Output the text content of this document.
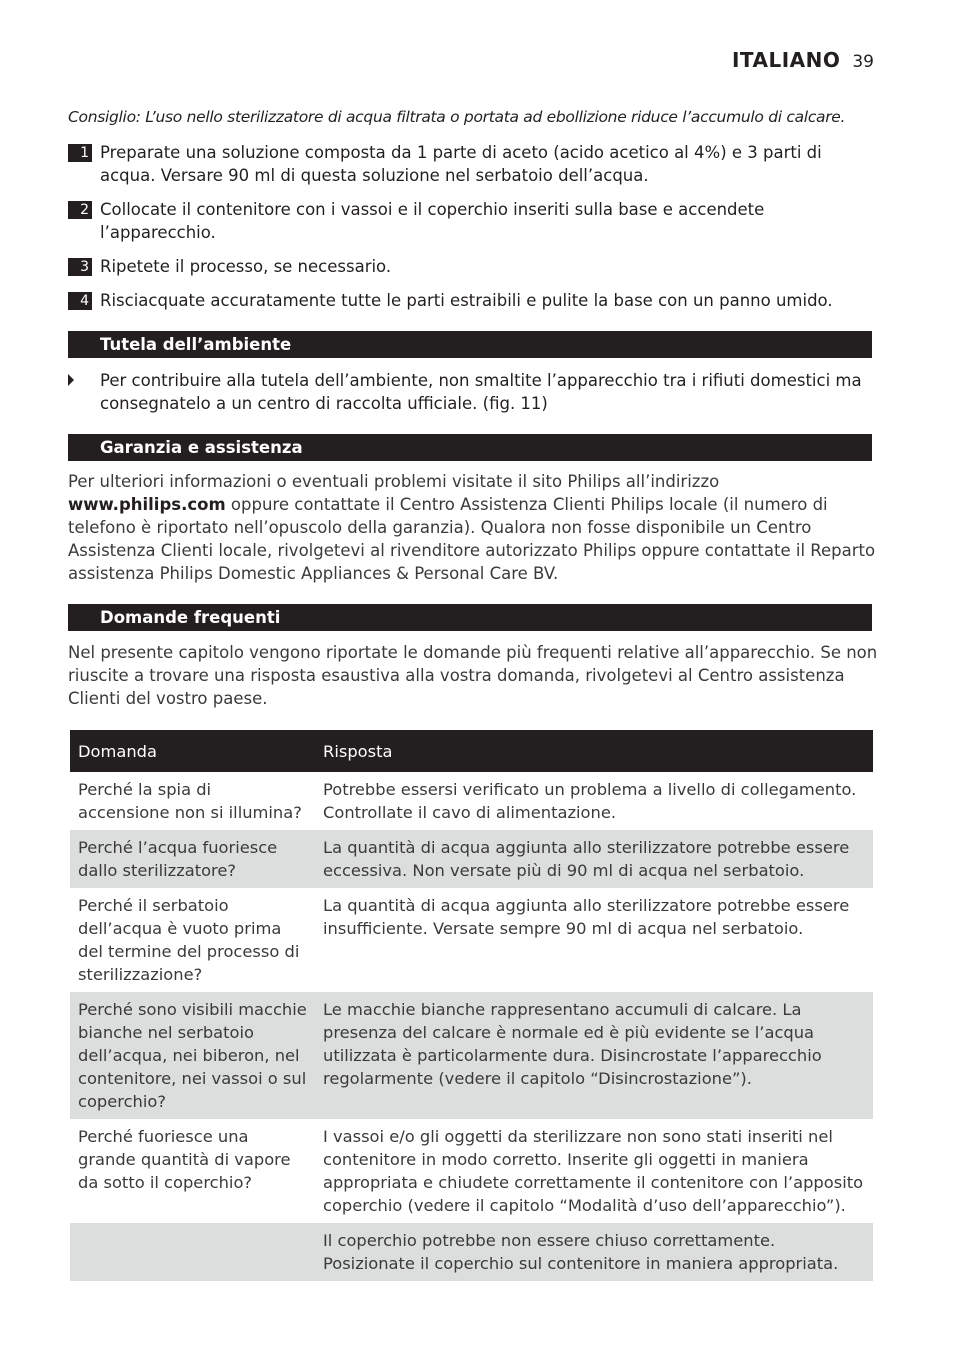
ITALIANO 39
Consiglio: L’uso nello sterilizzatore di acqua filtrata o portata ad ebollizione riduce l’accumulo di calcare.
1 Preparate una soluzione composta da 1 parte di aceto (acido acetico al 4%) e 3 parti di acqua. Versare 90 ml di questa soluzione nel serbatoio dell’acqua.
2 Collocate il contenitore con i vassoi e il coperchio inseriti sulla base e accendete l’apparecchio.
3 Ripetete il processo, se necessario.
4 Risciacquate accuratamente tutte le parti estraibili e pulite la base con un panno umido.
Tutela dell’ambiente
Per contribuire alla tutela dell’ambiente, non smaltite l’apparecchio tra i rifiuti domestici ma consegnatelo a un centro di raccolta ufficiale. (fig. 11)
Garanzia e assistenza
Per ulteriori informazioni o eventuali problemi visitate il sito Philips all’indirizzo www.philips.com oppure contattate il Centro Assistenza Clienti Philips locale (il numero di telefono è riportato nell’opuscolo della garanzia). Qualora non fosse disponibile un Centro Assistenza Clienti locale, rivolgetevi al rivenditore autorizzato Philips oppure contattate il Reparto assistenza Philips Domestic Appliances & Personal Care BV.
Domande frequenti
Nel presente capitolo vengono riportate le domande più frequenti relative all’apparecchio. Se non riuscite a trovare una risposta esaustiva alla vostra domanda, rivolgetevi al Centro assistenza Clienti del vostro paese.
Domanda	Risposta
Perché la spia di accensione non si illumina?	Potrebbe essersi verificato un problema a livello di collegamento. Controllate il cavo di alimentazione.
Perché l’acqua fuoriesce dallo sterilizzatore?	La quantità di acqua aggiunta allo sterilizzatore potrebbe essere eccessiva. Non versate più di 90 ml di acqua nel serbatoio.
Perché il serbatoio dell’acqua è vuoto prima del termine del processo di sterilizzazione?	La quantità di acqua aggiunta allo sterilizzatore potrebbe essere insufficiente. Versate sempre 90 ml di acqua nel serbatoio.
Perché sono visibili macchie bianche nel serbatoio dell’acqua, nei biberon, nel contenitore, nei vassoi o sul coperchio?	Le macchie bianche rappresentano accumuli di calcare. La presenza del calcare è normale ed è più evidente se l’acqua utilizzata è particolarmente dura. Disincrostate l’apparecchio regolarmente (vedere il capitolo “Disincrostazione”).
Perché fuoriesce una grande quantità di vapore da sotto il coperchio?	I vassoi e/o gli oggetti da sterilizzare non sono stati inseriti nel contenitore in modo corretto. Inserite gli oggetti in maniera appropriata e chiudete correttamente il contenitore con l’apposito coperchio (vedere il capitolo “Modalità d’uso dell’apparecchio”).
	Il coperchio potrebbe non essere chiuso correttamente. Posizionate il coperchio sul contenitore in maniera appropriata.
